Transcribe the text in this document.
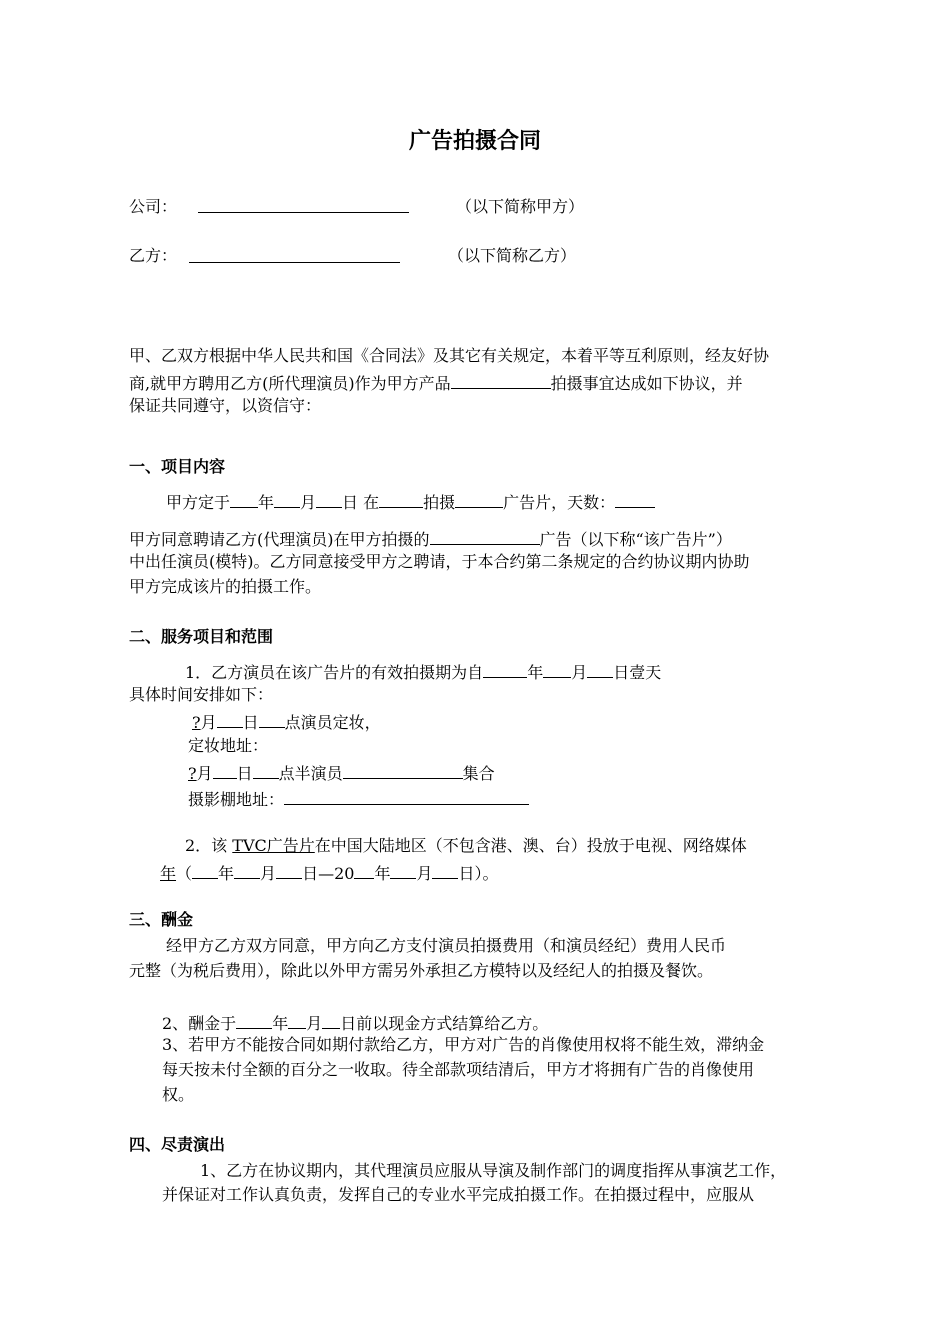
广告拍摄合同
公司：	（以下简称甲方）
乙方：	（以下简称乙方）

甲、乙双方根据中华人民共和国《合同法》及其它有关规定，本着平等互利原则，经友好协

商,就甲方聘用乙方(所代理演员)作为甲方产品	拍摄事宜达成如下协议，并

保证共同遵守，以资信守：

一、项目内容

甲方定于 年 月 日 在	拍摄	广告片，天数：

甲方同意聘请乙方(代理演员)在甲方拍摄的	广告（以下称“该广告片”）

中出任演员(模特)。乙方同意接受甲方之聘请，于本合约第二条规定的合约协议期内协助

甲方完成该片的拍摄工作。

二、服务项目和范围

1．乙方演员在该广告片的有效拍摄期为自	年 月 日壹天

具体时间安排如下：

?月 日 点演员定妆，

定妆地址：

?月 日 点半演员	集合

摄影棚地址：

2．该 TVC广告片在中国大陆地区（不包含港、澳、台）投放于电视、网络媒体

年（ 年 月 日—20 年 月 日）。

三、酬金

经甲方乙方双方同意，甲方向乙方支付演员拍摄费用（和演员经纪）费用人民币

元整（为税后费用），除此以外甲方需另外承担乙方模特以及经纪人的拍摄及餐饮。

2、酬金于 年 月 日前以现金方式结算给乙方。

3、若甲方不能按合同如期付款给乙方，甲方对广告的肖像使用权将不能生效，滞纳金

每天按未付全额的百分之一收取。待全部款项结清后，甲方才将拥有广告的肖像使用

权。

四、尽责演出

1、乙方在协议期内，其代理演员应服从导演及制作部门的调度指挥从事演艺工作，

并保证对工作认真负责，发挥自己的专业水平完成拍摄工作。在拍摄过程中，应服从
